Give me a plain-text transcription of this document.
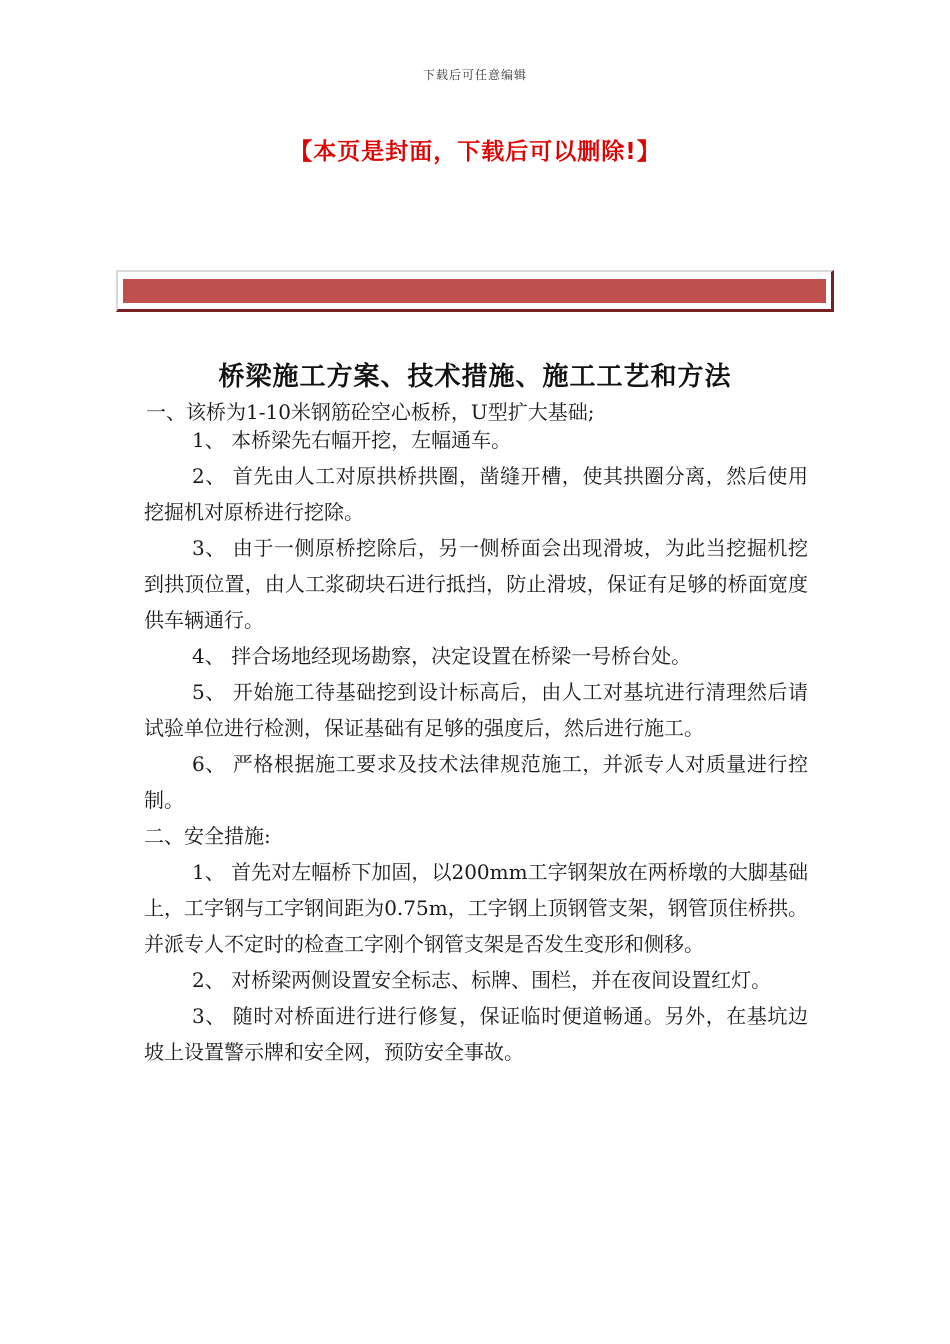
下载后可任意编辑
【本页是封面，下载后可以删除!】
桥梁施工方案、技术措施、施工工艺和方法
一、该桥为1-10米钢筋砼空心板桥，U型扩大基础;

1、 本桥梁先右幅开挖，左幅通车。

2、 首先由人工对原拱桥拱圈，凿缝开槽，使其拱圈分离，然后使用挖掘机对原桥进行挖除。

3、 由于一侧原桥挖除后，另一侧桥面会出现滑坡，为此当挖掘机挖到拱顶位置，由人工浆砌块石进行抵挡，防止滑坡，保证有足够的桥面宽度供车辆通行。

4、 拌合场地经现场勘察，决定设置在桥梁一号桥台处。

5、 开始施工待基础挖到设计标高后，由人工对基坑进行清理然后请试验单位进行检测，保证基础有足够的强度后，然后进行施工。

6、 严格根据施工要求及技术法律规范施工，并派专人对质量进行控制。

二、安全措施:

1、 首先对左幅桥下加固，以200mm工字钢架放在两桥墩的大脚基础上，工字钢与工字钢间距为0.75m，工字钢上顶钢管支架，钢管顶住桥拱。并派专人不定时的检查工字刚个钢管支架是否发生变形和侧移。

2、 对桥梁两侧设置安全标志、标牌、围栏，并在夜间设置红灯。

3、 随时对桥面进行进行修复，保证临时便道畅通。另外，在基坑边坡上设置警示牌和安全网，预防安全事故。
